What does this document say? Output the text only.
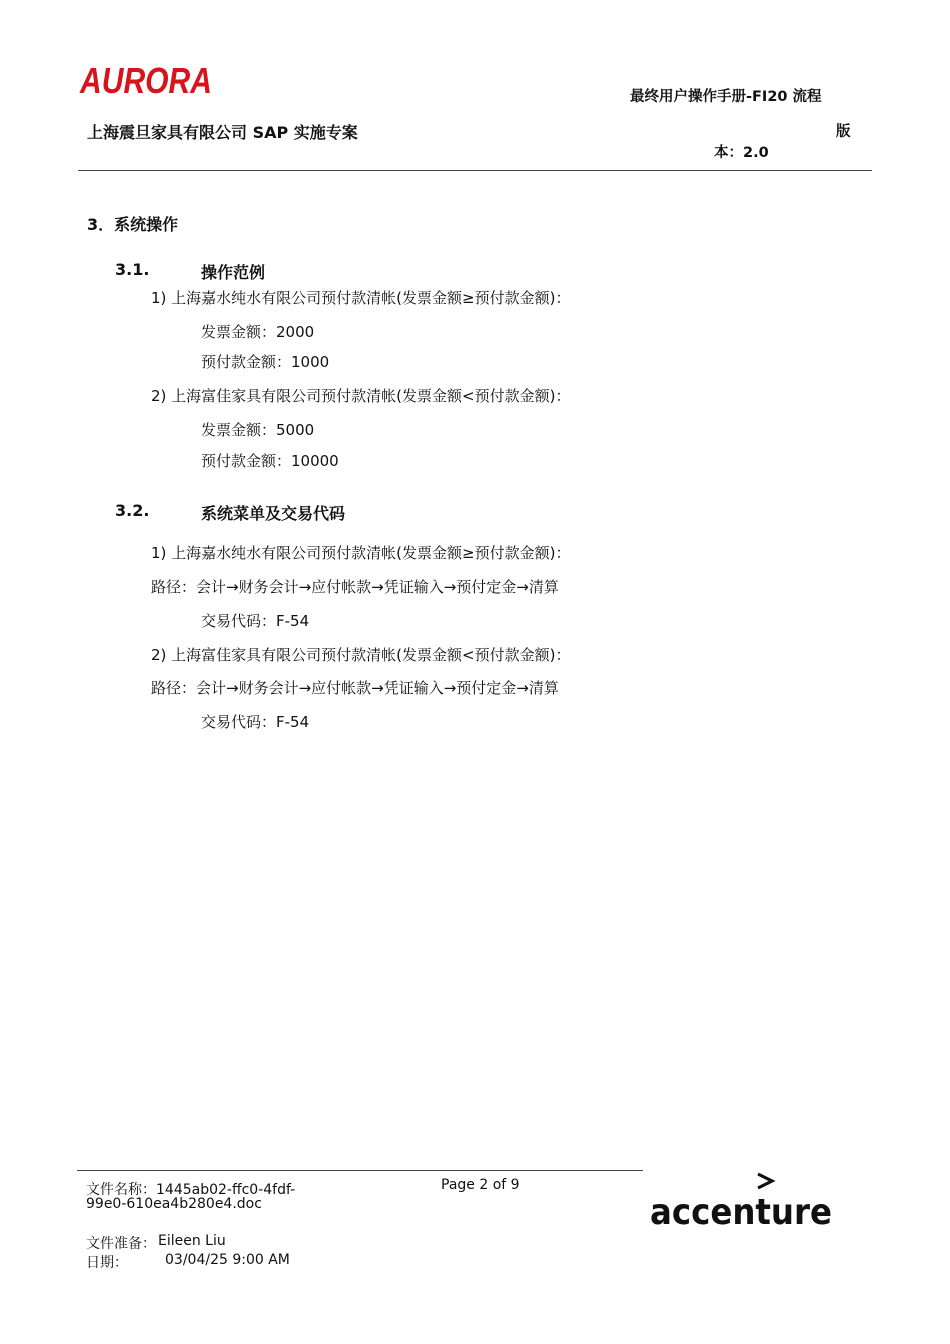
AURORA	最终用户操作手册-FI20 流程
上海震旦家具有限公司 SAP 实施专案	版
本：2.0
3．系统操作
3.1.	操作范例
1) 上海嘉水纯水有限公司预付款清帐(发票金额≥预付款金额)：
发票金额：2000
预付款金额：1000
2) 上海富佳家具有限公司预付款清帐(发票金额<预付款金额)：
发票金额：5000
预付款金额：10000
3.2.	系统菜单及交易代码
1) 上海嘉水纯水有限公司预付款清帐(发票金额≥预付款金额)：
路径：会计→财务会计→应付帐款→凭证输入→预付定金→清算
交易代码：F-54
2) 上海富佳家具有限公司预付款清帐(发票金额<预付款金额)：
路径：会计→财务会计→应付帐款→凭证输入→预付定金→清算
交易代码：F-54
文件名称：1445ab02-ffc0-4fdf-
99e0-610ea4b280e4.doc
Page 2 of 9
文件准备： Eileen Liu
日期：	03/04/25 9:00 AM
accenture
